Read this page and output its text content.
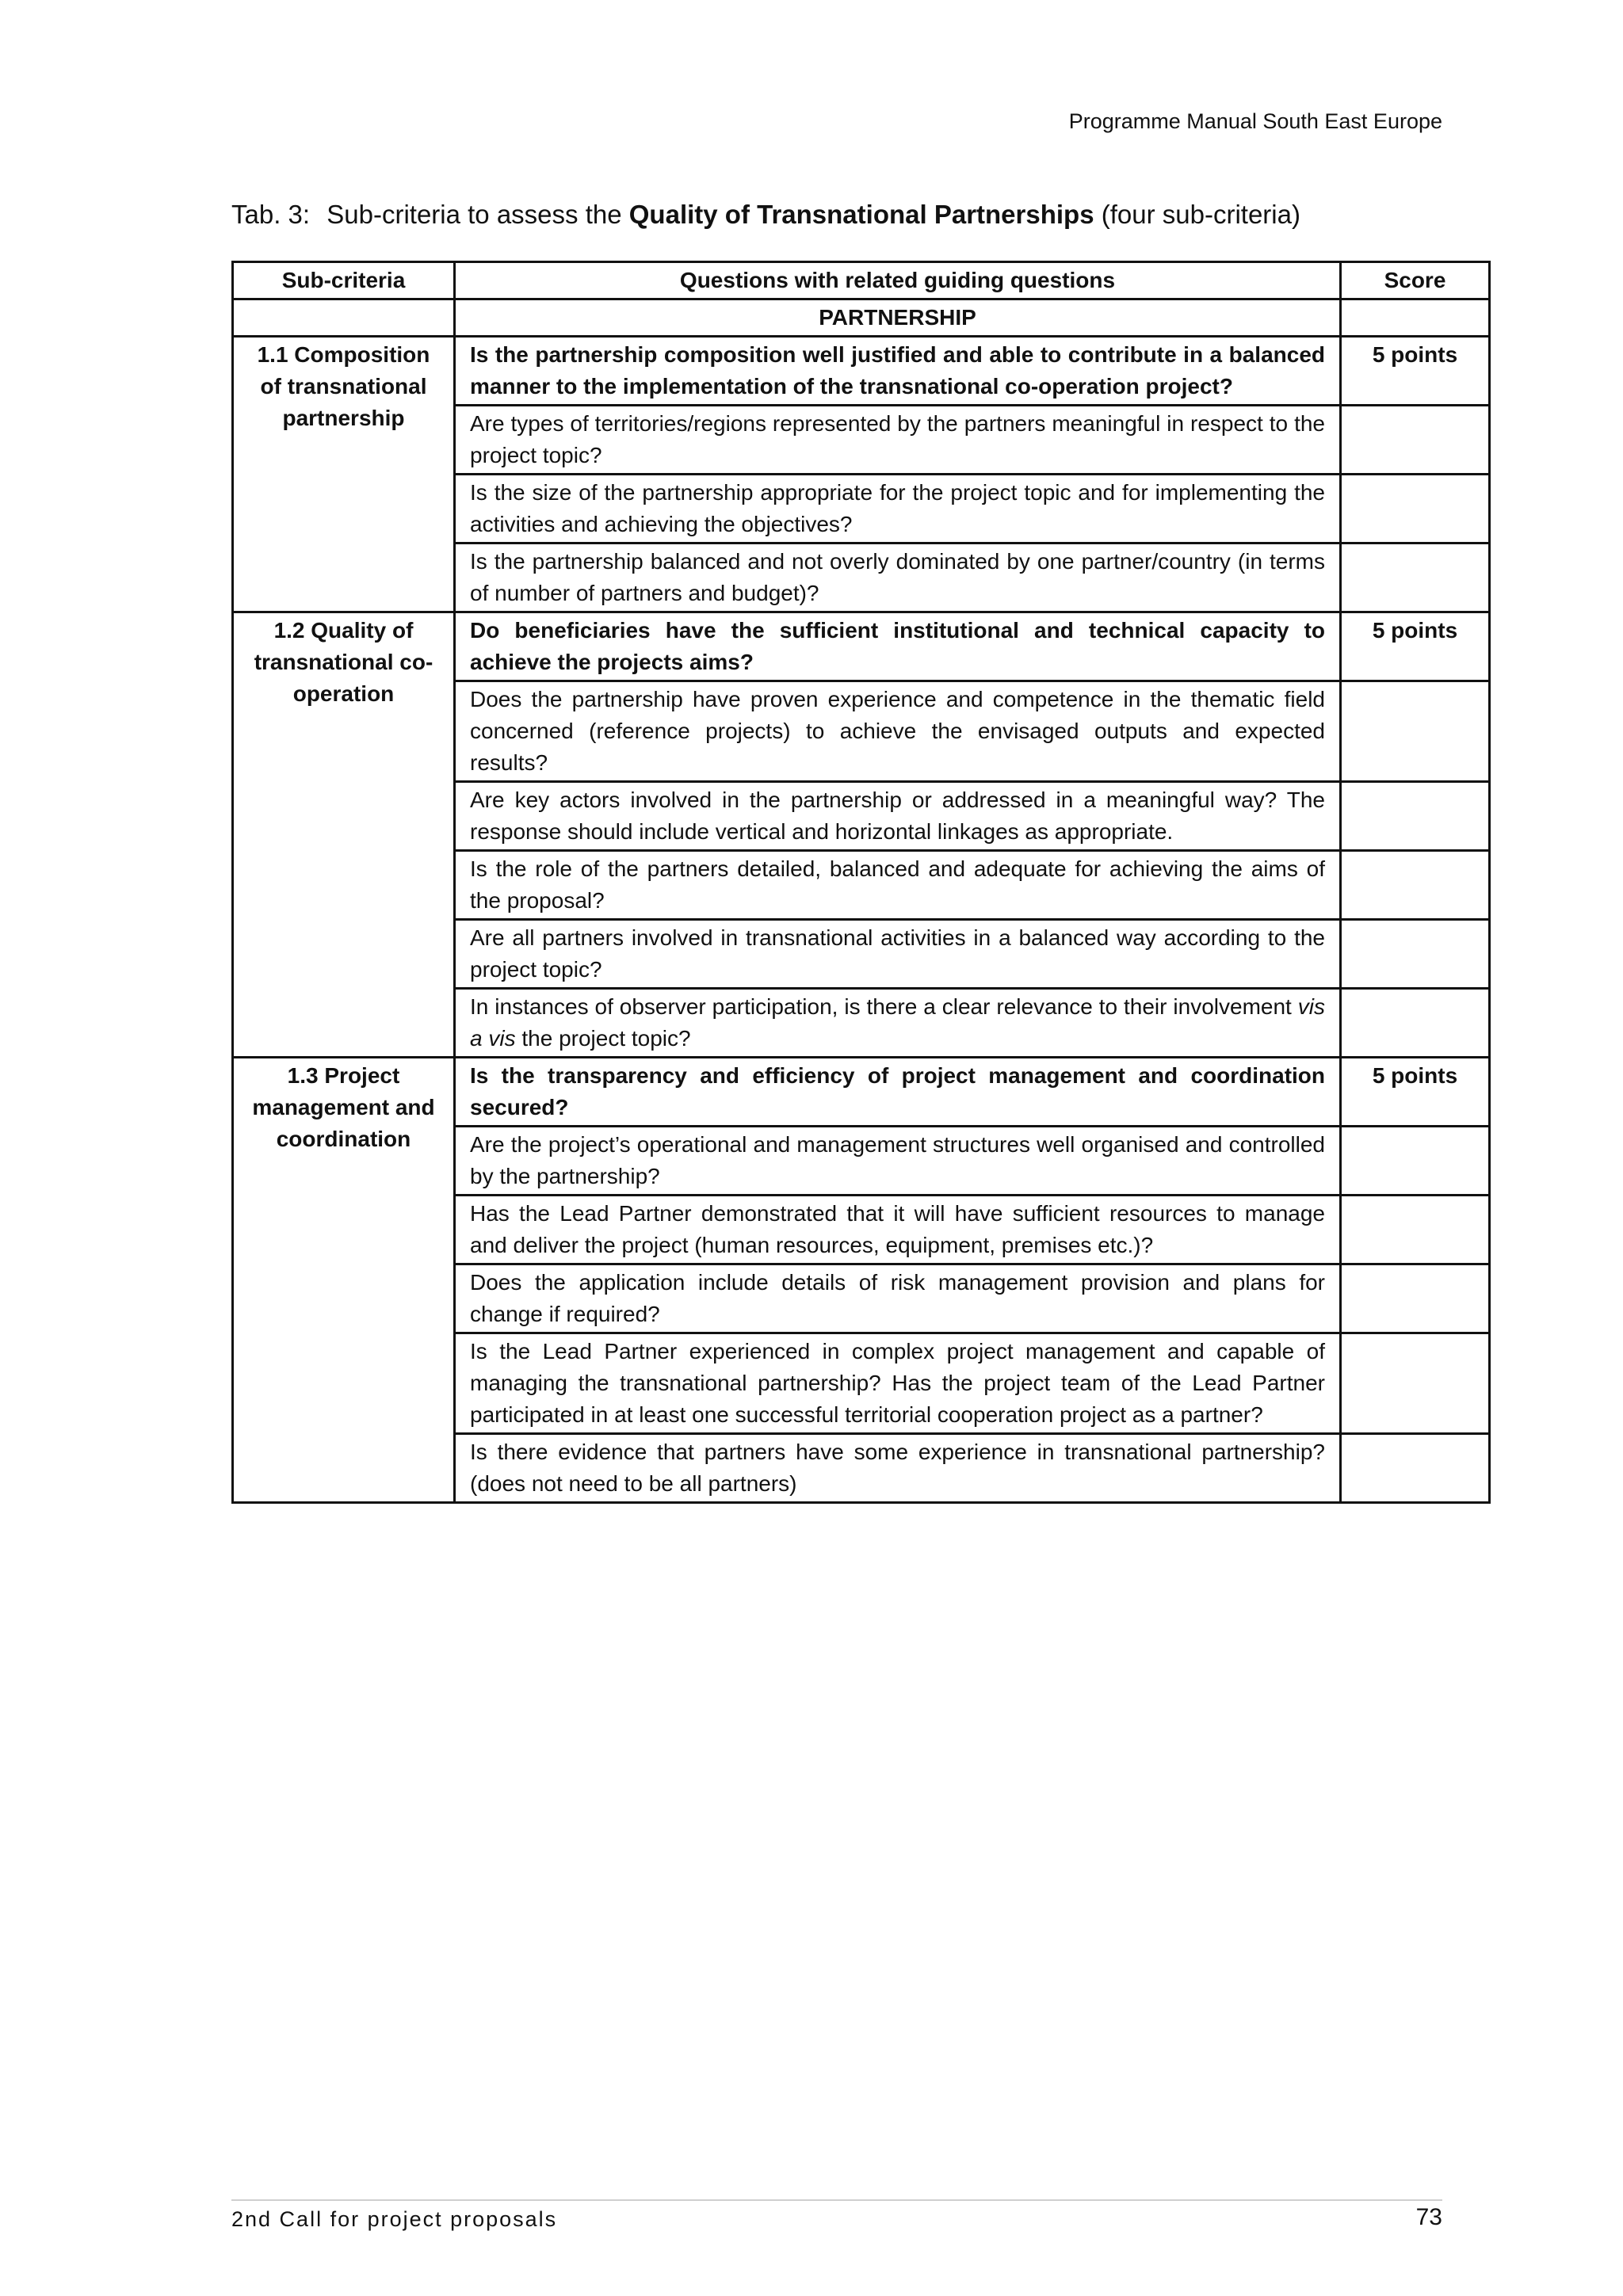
Programme Manual South East Europe
Tab. 3: Sub-criteria to assess the Quality of Transnational Partnerships (four sub-criteria)
Sub-criteria	Questions with related guiding questions	Score
	PARTNERSHIP	
1.1 Composition of transnational partnership	Is the partnership composition well justified and able to contribute in a balanced manner to the implementation of the transnational co-operation project?	5 points
	Are types of territories/regions represented by the partners meaningful in respect to the project topic?	
	Is the size of the partnership appropriate for the project topic and for implementing the activities and achieving the objectives?	
	Is the partnership balanced and not overly dominated by one partner/country (in terms of number of partners and budget)?	
1.2 Quality of transnational co-operation	Do beneficiaries have the sufficient institutional and technical capacity to achieve the projects aims?	5 points
	Does the partnership have proven experience and competence in the thematic field concerned (reference projects) to achieve the envisaged outputs and expected results?	
	Are key actors involved in the partnership or addressed in a meaningful way? The response should include vertical and horizontal linkages as appropriate.	
	Is the role of the partners detailed, balanced and adequate for achieving the aims of the proposal?	
	Are all partners involved in transnational activities in a balanced way according to the project topic?	
	In instances of observer participation, is there a clear relevance to their involvement vis a vis the project topic?	
1.3 Project management and coordination	Is the transparency and efficiency of project management and coordination secured?	5 points
	Are the project’s operational and management structures well organised and controlled by the partnership?	
	Has the Lead Partner demonstrated that it will have sufficient resources to manage and deliver the project (human resources, equipment, premises etc.)?	
	Does the application include details of risk management provision and plans for change if required?	
	Is the Lead Partner experienced in complex project management and capable of managing the transnational partnership? Has the project team of the Lead Partner participated in at least one successful territorial cooperation project as a partner?	
	Is there evidence that partners have some experience in transnational partnership? (does not need to be all partners)	
2nd Call for project proposals	73
